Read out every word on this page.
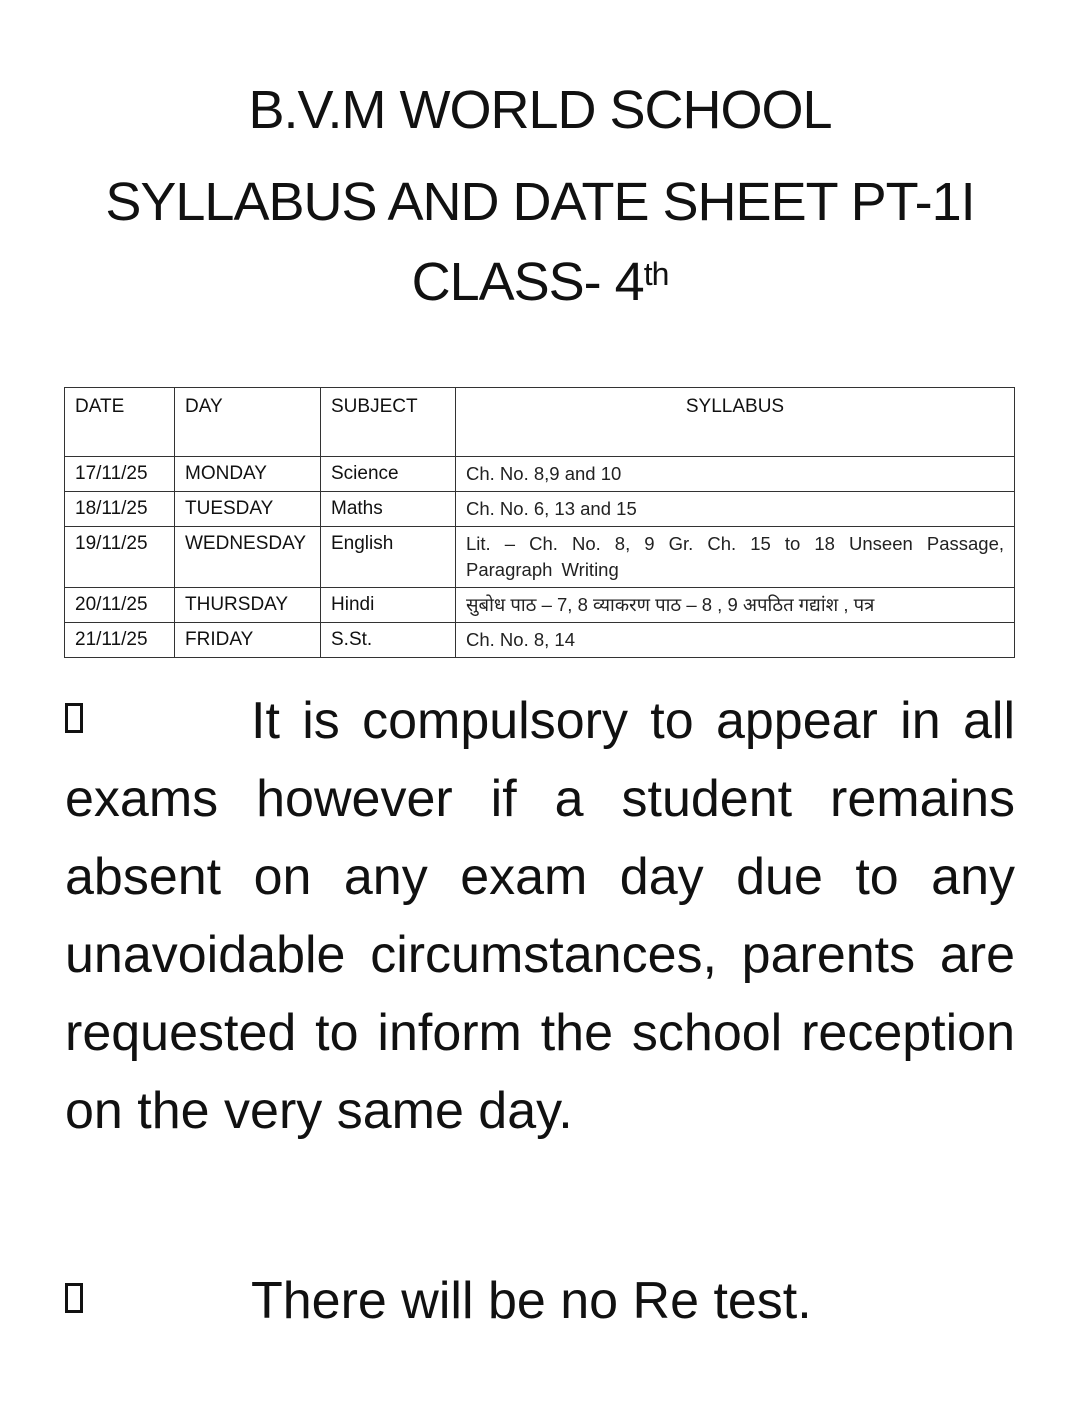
B.V.M WORLD SCHOOL
SYLLABUS AND DATE SHEET PT-1I
CLASS- 4th
DATE	DAY	SUBJECT	SYLLABUS
17/11/25	MONDAY	Science	Ch. No. 8,9 and 10
18/11/25	TUESDAY	Maths	Ch. No. 6, 13 and 15
19/11/25	WEDNESDAY	English	Lit. – Ch. No. 8, 9 Gr. Ch. 15 to 18 Unseen Passage, Paragraph Writing
20/11/25	THURSDAY	Hindi	सुबोध पाठ – 7, 8 व्याकरण पाठ – 8 , 9 अपठित गद्यांश , पत्र
21/11/25	FRIDAY	S.St.	Ch. No. 8, 14
It is compulsory to appear in all exams however if a student remains absent on any exam day due to any unavoidable circumstances, parents are requested to inform the school reception on the very same day.
There will be no Re test.
